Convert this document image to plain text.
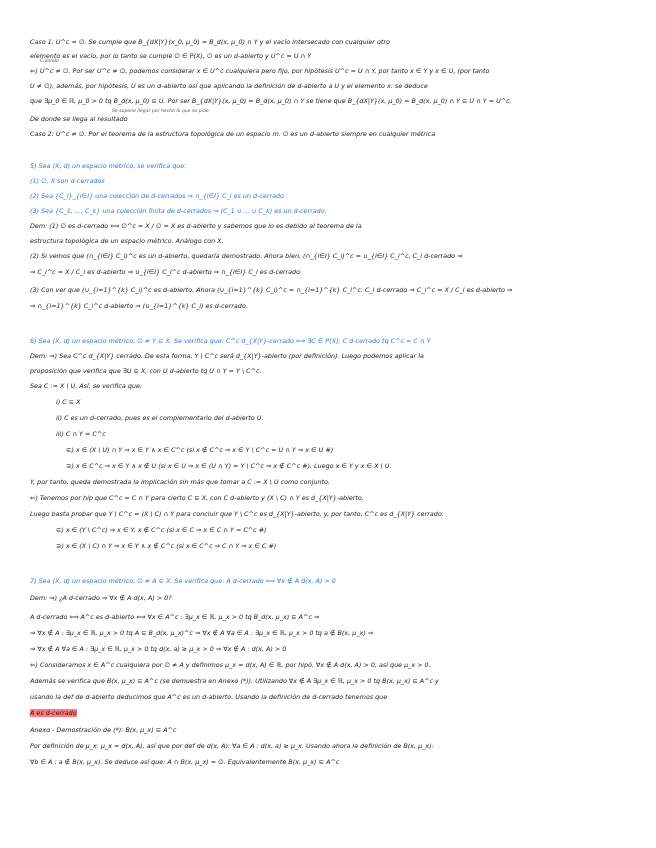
Cuidado
Se supone llegar por hecho lo que se pide
Caso 1: U^c = ∅. Se cumple que B_{dX|Y}(x_0, μ_0) = B_d(x, μ_0) ∩ Y y el vacío intersecado con cualquier otro
elemento es el vacío, por lo tanto se cumple ∅ ∈ P(X), ∅ es un d-abierto y U^c = U ∩ Y
⇐) U^c ≠ ∅. Por ser U^c ≠ ∅, podemos considerar x ∈ U^c cualquiera pero fijo, por hipótesis U^c = U ∩ Y, por tanto x ∈ Y y x ∈ U, (por tanto
U ≠ ∅), además, por hipótesis, U es un d-abierto así que aplicando la definición de d-abierto a U y el elemento x: se deduce
que ∃μ_0 ∈ ℝ, μ_0 > 0 tq B_d(x, μ_0) ⊆ U. Por ser B_{dX|Y}(x, μ_0) = B_d(x, μ_0) ∩ Y se tiene que B_{dX|Y}(x, μ_0) = B_d(x, μ_0) ∩ Y ⊆ U ∩ Y = U^c.
De donde se llega al resultado
Caso 2: U^c ≠ ∅. Por el teorema de la estructura topológica de un espacio m. ∅ es un d-abierto siempre en cualquier métrica
5) Sea (X, d) un espacio métrico, se verifica que:
(1) ∅, X son d-cerrados
(2) Sea {C_i}_{i∈I} una colección de d-cerrados ⇒ ∩_{i∈I} C_i es un d-cerrado
(3) Sea {C_1, ..., C_k} una colección finita de d-cerrados ⇒ (C_1 ∪ ... ∪ C_k) es un d-cerrado.
Dem: (1) ∅ es d-cerrado ⟺ ∅^c = X / ∅ = X es d-abierto y sabemos que lo es debido al teorema de la
estructura topológica de un espacio métrico. Análogo con X.
(2) Si vemos que (∩_{i∈I} C_i)^c es un d-abierto, quedaría demostrado. Ahora bien, (∩_{i∈I} C_i)^c = ∪_{i∈I} C_i^c, C_i d-cerrado ⇒
⇒ C_i^c = X / C_i es d-abierto ⇒ ∪_{i∈I} C_i^c d-abierto ⇒ ∩_{i∈I} C_i es d-cerrado
(3) Con ver que (∪_{i=1}^{k} C_i)^c es d-abierto. Ahora (∪_{i=1}^{k} C_i)^c = ∩_{i=1}^{k} C_i^c. C_i d-cerrado ⇒ C_i^c = X / C_i es d-abierto ⇒
⇒ ∩_{i=1}^{k} C_i^c d-abierto ⇒ (∪_{i=1}^{k} C_i) es d-cerrado.
6) Sea (X, d) un espacio métrico, ∅ ≠ Y ⊆ X. Se verifica que: C^c d_{X|Y}-cerrado ⟺ ∃C ∈ P(X), C d-cerrado tq C^c = C ∩ Y
Dem: ⇒) Sea C^c d_{X|Y} cerrado. De esta forma, Y \ C^c será d_{X|Y}-abierto (por definición). Luego podemos aplicar la
proposición que verifica que ∃U ⊆ X, con U d-abierto tq U ∩ Y = Y \ C^c.
Sea C := X \ U. Así, se verifica que:
i) C ⊆ X
ii) C es un d-cerrado, pues es el complementario del d-abierto U.
iii) C ∩ Y = C^c
⊆) x ∈ (X \ U) ∩ Y ⇒ x ∈ Y ∧ x ∈ C^c (si x ∉ C^c ⇒ x ∈ Y \ C^c = U ∩ Y ⇒ x ∈ U #)
⊇) x ∈ C^c ⇒ x ∈ Y ∧ x ∉ U (si x ∈ U ⇒ x ∈ (U ∩ Y) = Y \ C^c ⇒ x ∉ C^c #). Luego x ∈ Y y x ∈ X \ U.
Y, por tanto, queda demostrada la implicación sin más que tomar a C := X \ U como conjunto.
⇐) Tenemos por hip que C^c = C ∩ Y para cierto C ⊆ X, con C d-abierto y (X \ C) ∩ Y es d_{X|Y}-abierto.
Luego basta probar que Y \ C^c = (X \ C) ∩ Y para concluir que Y \ C^c es d_{X|Y}-abierto, y, por tanto, C^c es d_{X|Y} cerrado:
⊆) x ∈ (Y \ C^c) ⇒ x ∈ Y, x ∉ C^c (si x ∈ C ⇒ x ∈ C ∩ Y = C^c #)
⊇) x ∈ (X \ C) ∩ Y ⇒ x ∈ Y ∧ x ∉ C^c (si x ∈ C^c ⇒ C ∩ Y ⇒ x ∈ C #)
7) Sea (X, d) un espacio métrico, ∅ ≠ A ⊆ X. Se verifica que: A d-cerrado ⟺ ∀x ∉ A d(x, A) > 0
Dem: ⇒) ¿A d-cerrado ⇒ ∀x ∉ A d(x, A) > 0?
A d-cerrado ⟺ A^c es d-abierto ⟺ ∀x ∈ A^c : ∃μ_x ∈ ℝ, μ_x > 0 tq B_d(x, μ_x) ⊆ A^c ⇒
⇒ ∀x ∉ A : ∃μ_x ∈ ℝ, μ_x > 0 tq A ⊆ B_d(x, μ_x)^c ⇒ ∀x ∉ A ∀a ∈ A : ∃μ_x ∈ ℝ, μ_x > 0 tq a ∉ B(x, μ_x) ⇒
⇒ ∀x ∉ A ∀a ∈ A : ∃μ_x ∈ ℝ, μ_x > 0 tq d(x, a) ≥ μ_x > 0 ⇒ ∀x ∉ A : d(x, A) > 0
⇐) Consideramos x ∈ A^c cualquiera por ∅ ≠ A y definimos μ_x = d(x, A) ∈ ℝ, por hipó. ∀x ∉ A d(x, A) > 0, así que μ_x > 0.
Además se verifica que B(x, μ_x) ⊆ A^c (se demuestra en Anexo (*)). Utilizando ∀x ∉ A ∃μ_x ∈ ℝ, μ_x > 0 tq B(x, μ_x) ⊆ A^c y
usando la def de d-abierto deducimos que A^c es un d-abierto. Usando la definición de d-cerrado tenemos que
A es d-cerrado
Anexo - Demostración de (*): B(x, μ_x) ⊆ A^c
Por definición de μ_x: μ_x = d(x, A), así que por def de d(x, A): ∀a ∈ A : d(x, a) ≥ μ_x. Usando ahora la definición de B(x, μ_x):
∀b ∈ A : a ∉ B(x, μ_x). Se deduce así que: A ∩ B(x, μ_x) = ∅. Equivalentemente B(x, μ_x) ⊆ A^c
